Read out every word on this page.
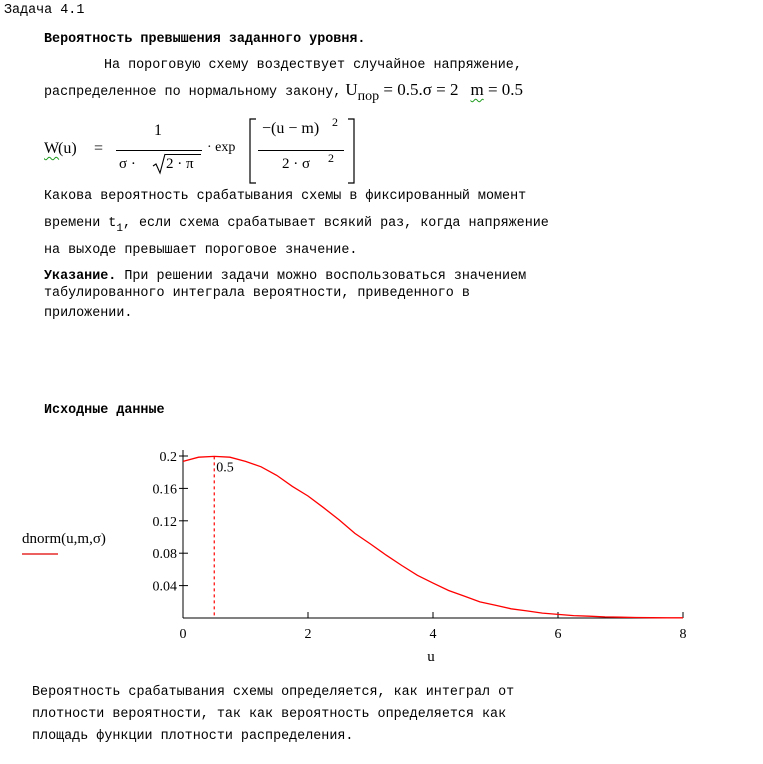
Задача 4.1
Вероятность превышения заданного уровня.
На пороговую схему воздествует случайное напряжение,
распределенное по нормальному закону, Uпор = 0.5.σ = 2 m = 0.5
W
(u) =
1
σ · 2 · π
· exp
−(u − m) 2
2 · σ 2
Какова вероятность срабатывания схемы в фиксированный момент
времени $t_1$, если схема срабатывает всякий раз, когда напряжение
на выходе превышает пороговое значение.
Указание. При решении задачи можно воспользоваться значением
табулированного интеграла вероятности, приведенного в
приложении.
Исходные данные
0	2	4	6	8
0.2
0.16
0.12
0.08
0.04
u
dnorm(u,m,σ)
0.5
Вероятность срабатывания схемы определяется, как интеграл от
плотности вероятности, так как вероятность определяется как
площадь функции плотности распределения.
